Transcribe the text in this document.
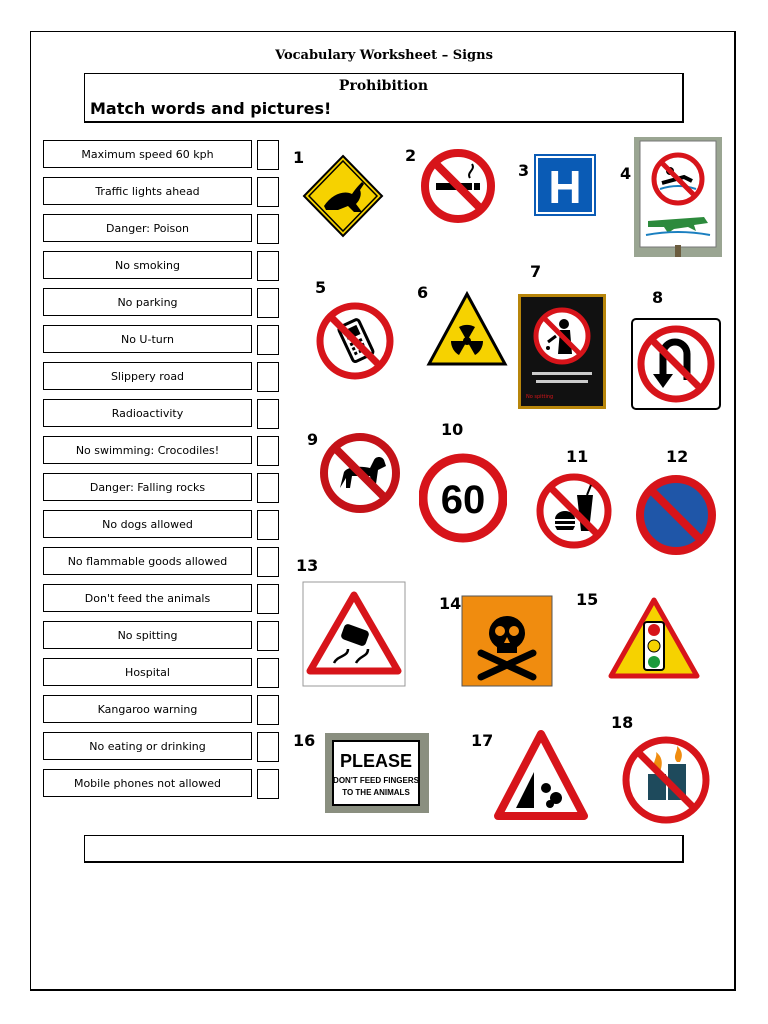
Vocabulary Worksheet – Signs
Prohibition
Match words and pictures!
Maximum speed 60 kph
Traffic lights ahead
Danger: Poison
No smoking
No parking
No U-turn
Slippery road
Radioactivity
No swimming: Crocodiles!
Danger: Falling rocks
No dogs allowed
No flammable goods allowed
Don't feed the animals
No spitting
Hospital
Kangaroo warning
No eating or drinking
Mobile phones not allowed
1	2
3	4
5	6
7
8
9
10
11	12
13
14	15
16	17
18
H
No spitting
60
PLEASE
DON'T FEED FINGERS
TO THE ANIMALS
